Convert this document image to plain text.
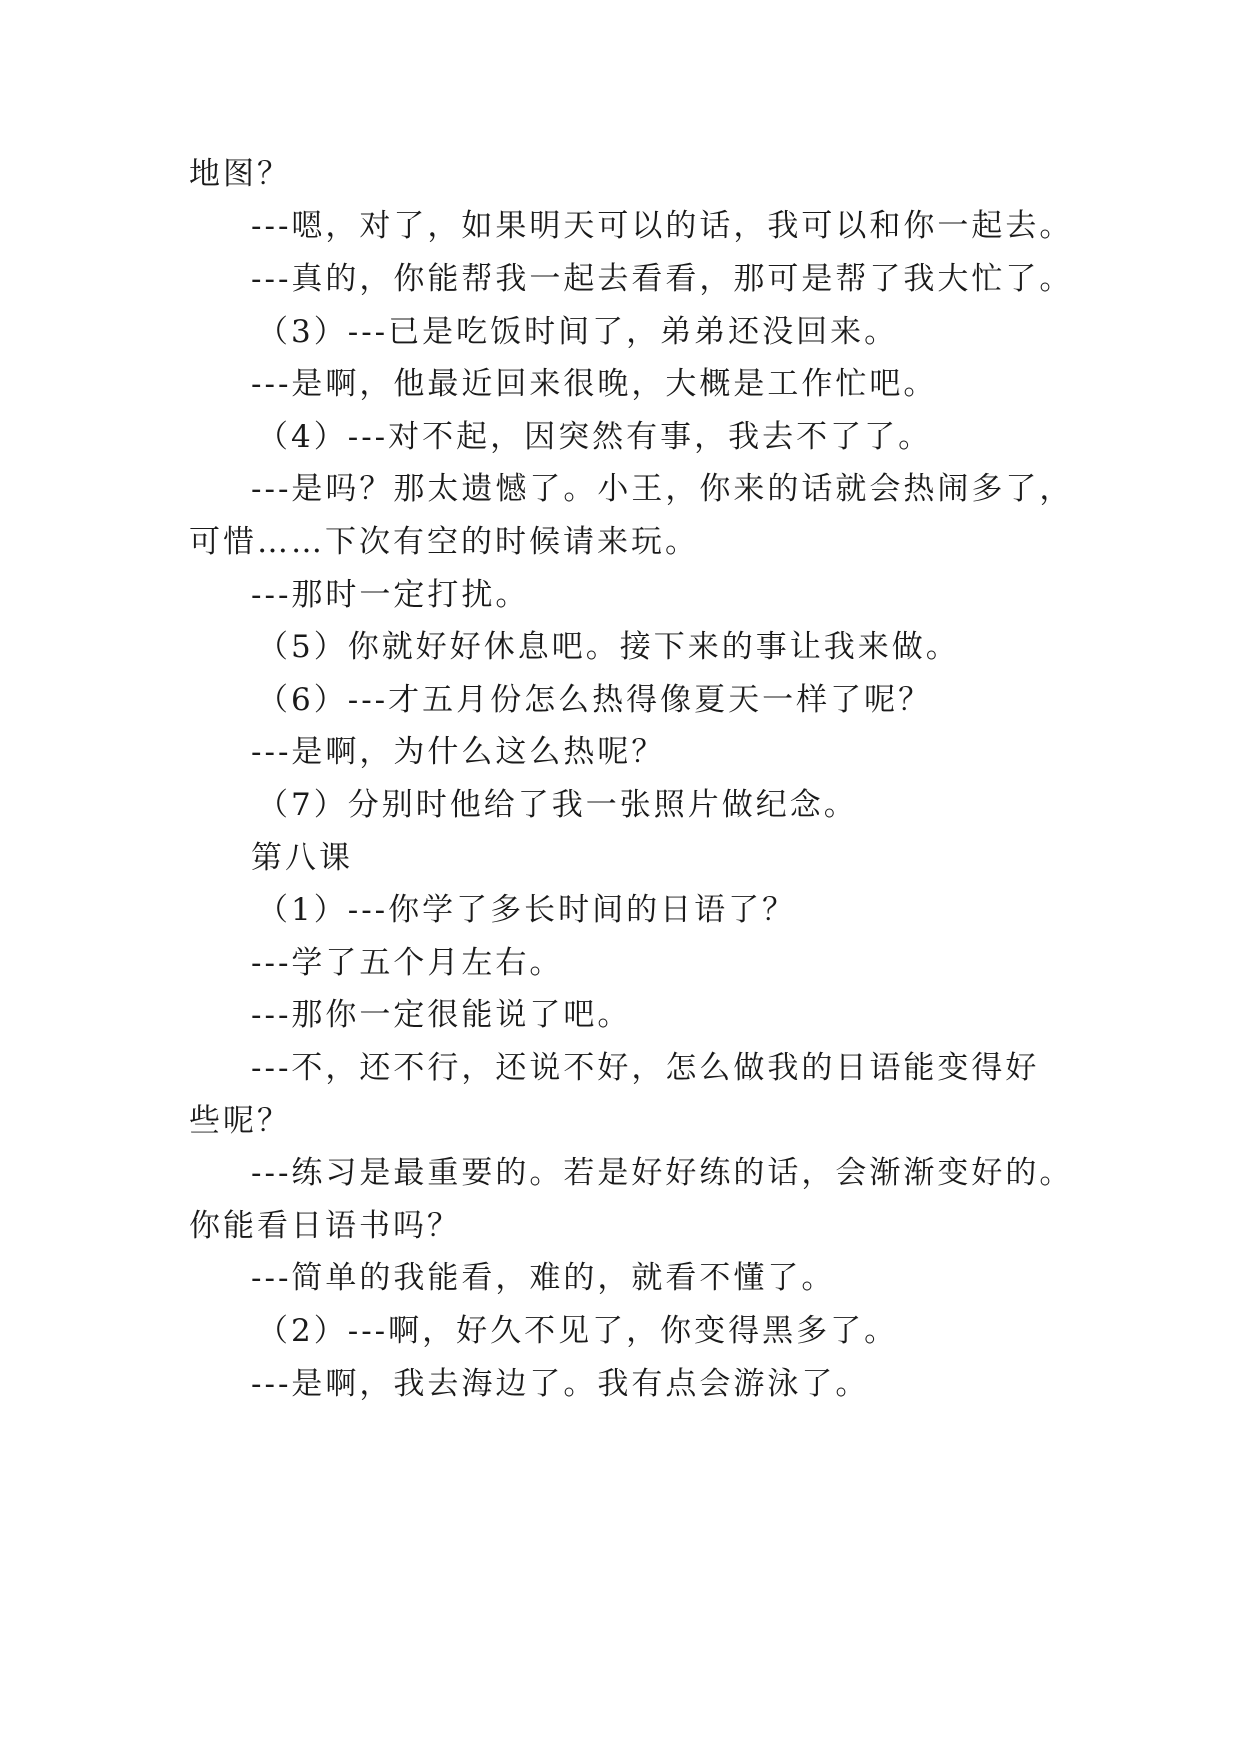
地图？
---嗯，对了，如果明天可以的话，我可以和你一起去。
---真的，你能帮我一起去看看，那可是帮了我大忙了。
（3）---已是吃饭时间了，弟弟还没回来。
---是啊，他最近回来很晚，大概是工作忙吧。
（4）---对不起，因突然有事，我去不了了。
---是吗？那太遗憾了。小王，你来的话就会热闹多了，
可惜……下次有空的时候请来玩。
---那时一定打扰。
（5）你就好好休息吧。接下来的事让我来做。
（6）---才五月份怎么热得像夏天一样了呢？
---是啊，为什么这么热呢？
（7）分别时他给了我一张照片做纪念。
第八课
（1）---你学了多长时间的日语了？
---学了五个月左右。
---那你一定很能说了吧。
---不，还不行，还说不好，怎么做我的日语能变得好
些呢？
---练习是最重要的。若是好好练的话，会渐渐变好的。
你能看日语书吗？
---简单的我能看，难的，就看不懂了。
（2）---啊，好久不见了，你变得黑多了。
---是啊，我去海边了。我有点会游泳了。
